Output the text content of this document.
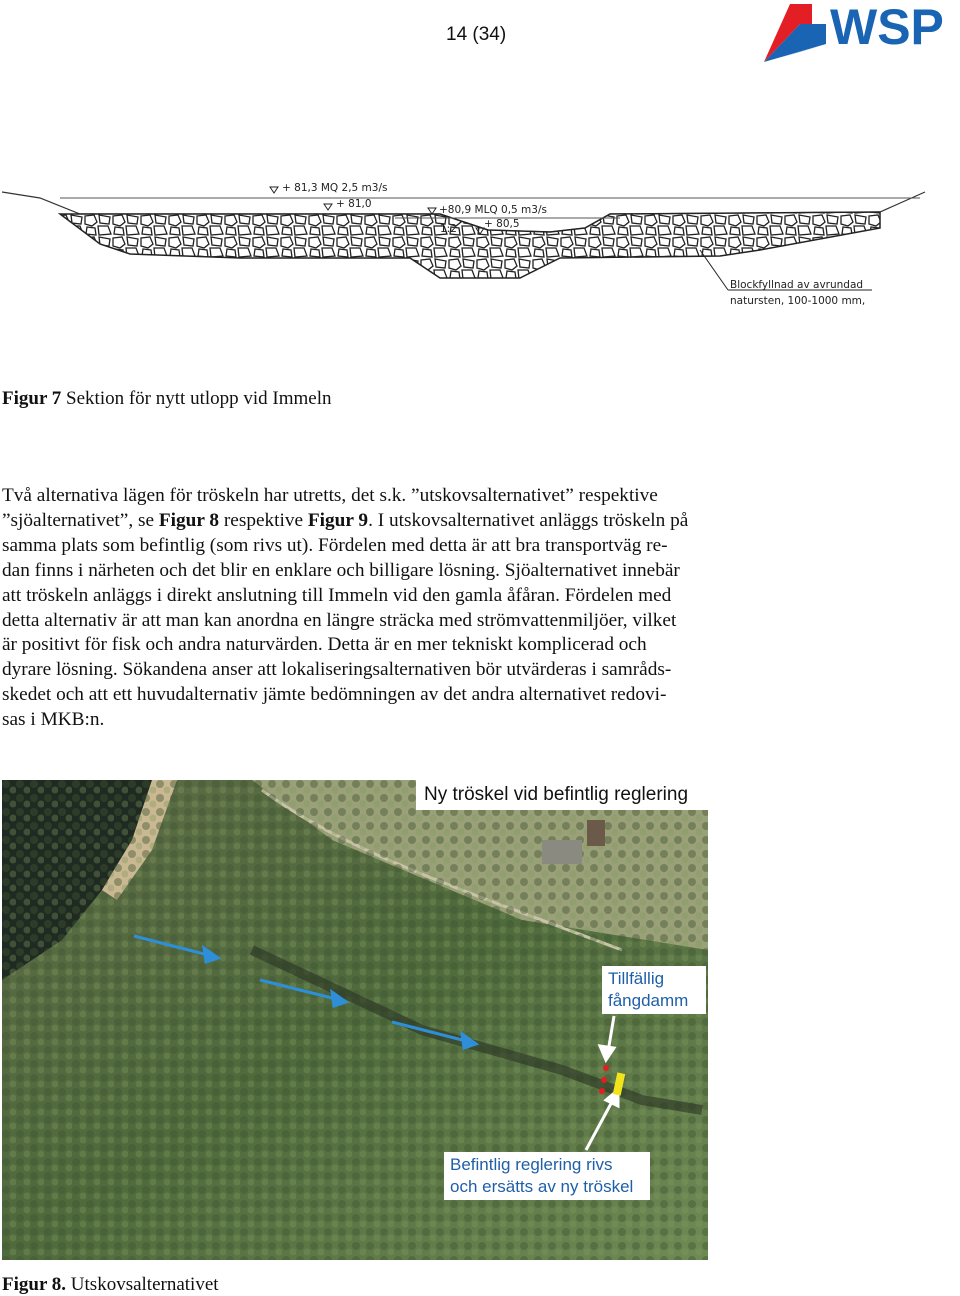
14 (34)	WSP
+ 81,3 MQ 2,5 m3/s
+ 81,0	+80,9 MLQ 0,5 m3/s
1:2	+ 80,5
Blockfyllnad av avrundad
natursten, 100-1000 mm,
Figur 7 Sektion för nytt utlopp vid Immeln
Två alternativa lägen för tröskeln har utretts, det s.k. ”utskovsalternativet” respektive
”sjöalternativet”, se Figur 8 respektive Figur 9. I utskovsalternativet anläggs tröskeln på
samma plats som befintlig (som rivs ut). Fördelen med detta är att bra transportväg re-
dan finns i närheten och det blir en enklare och billigare lösning. Sjöalternativet innebär
att tröskeln anläggs i direkt anslutning till Immeln vid den gamla åfåran. Fördelen med
detta alternativ är att man kan anordna en längre sträcka med strömvattenmiljöer, vilket
är positivt för fisk och andra naturvärden. Detta är en mer tekniskt komplicerad och
dyrare lösning. Sökandena anser att lokaliseringsalternativen bör utvärderas i samråds-
skedet och att ett huvudalternativ jämte bedömningen av det andra alternativet redovi-
sas i MKB:n.
Ny tröskel vid befintlig reglering
Tillfällig
fångdamm
Befintlig reglering rivs
och ersätts av ny tröskel
Figur 8. Utskovsalternativet
